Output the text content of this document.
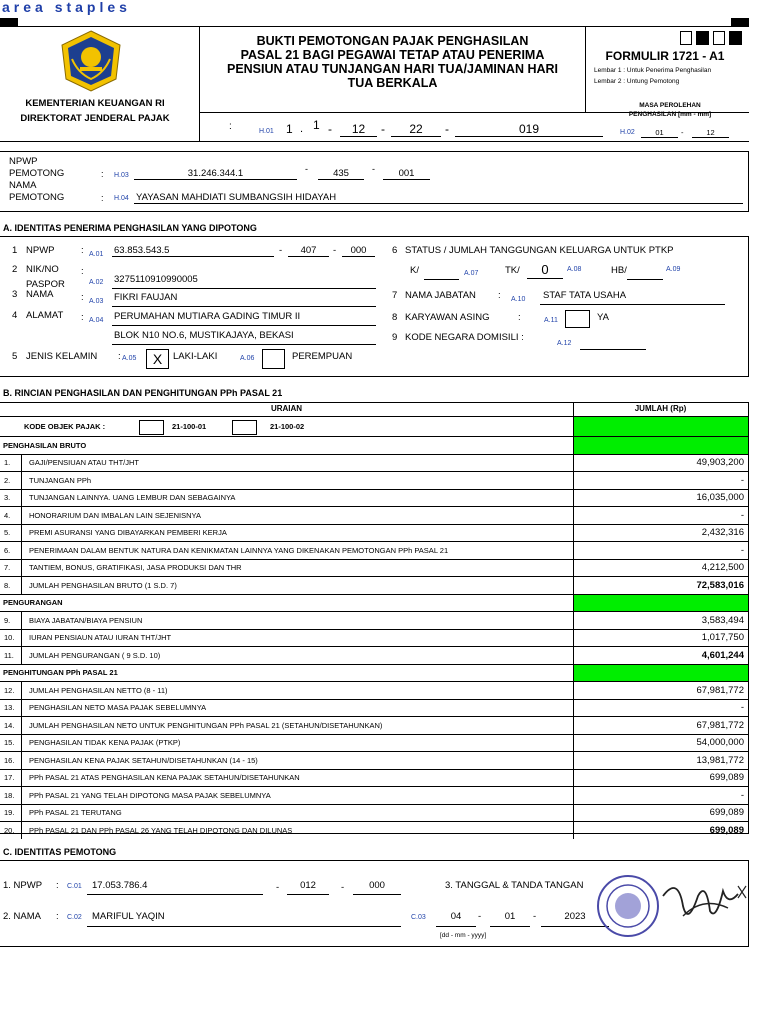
area staples
KEMENTERIAN KEUANGAN RI
DIREKTORAT JENDERAL PAJAK
BUKTI PEMOTONGAN PAJAK PENGHASILAN
PASAL 21 BAGI PEGAWAI TETAP ATAU PENERIMA
PENSIUN ATAU TUNJANGAN HARI TUA/JAMINAN HARI
TUA BERKALA
FORMULIR 1721 - A1
Lembar 1 : Untuk Penerima Penghasilan
Lembar 2 : Untung Pemotong
MASA PEROLEHAN
PENGHASILAN [mm - mm]
:	H.01 1 . 1 -	12	-	22	-	019	H.02	01	-	12
NPWP
PEMOTONG
NAMA
PEMOTONG
: H.03	31.246.344.1	-	435	-	001
: H.04 YAYASAN MAHDIATI SUMBANGSIH HIDAYAH
A. IDENTITAS PENERIMA PENGHASILAN YANG DIPOTONG
1 NPWP	: A.01 63.853.543.5	-	407	-	000
2 NIK/NO
PASPOR
:
A.02 3275110910990005
3 NAMA	: A.03 FIKRI FAUJAN
4 ALAMAT : A.04 PERUMAHAN MUTIARA GADING TIMUR II
BLOK N10 NO.6, MUSTIKAJAYA, BEKASI
5 JENIS KELAMIN : A.05	X	LAKI-LAKI	A.06	PEREMPUAN
6 STATUS / JUMLAH TANGGUNGAN KELUARGA UNTUK PTKP
K/	A.07	TK/	0	A.08	HB/	A.09
7 NAMA JABATAN : A.10	STAF TATA USAHA
8 KARYAWAN ASING	:	A.11	YA
9 KODE NEGARA DOMISILI :
A.12
B. RINCIAN PENGHASILAN DAN PENGHITUNGAN PPh PASAL 21
URAIAN	JUMLAH (Rp)
KODE OBJEK PAJAK :	21-100-01	21-100-02
PENGHASILAN BRUTO
1.	GAJI/PENSIUAN ATAU THT/JHT	49,903,200
2.	TUNJANGAN PPh	-
3.	TUNJANGAN LAINNYA. UANG LEMBUR DAN SEBAGAINYA	16,035,000
4.	HONORARIUM DAN IMBALAN LAIN SEJENISNYA	-
5.	PREMI ASURANSI YANG DIBAYARKAN PEMBERI KERJA	2,432,316
6.	PENERIMAAN DALAM BENTUK NATURA DAN KENIKMATAN LAINNYA YANG DIKENAKAN PEMOTONGAN PPh PASAL 21	-
7.	TANTIEM, BONUS, GRATIFIKASI, JASA PRODUKSI DAN THR	4,212,500
8.	JUMLAH PENGHASILAN BRUTO (1 S.D. 7)	72,583,016
PENGURANGAN
9.	BIAYA JABATAN/BIAYA PENSIUN	3,583,494
10.	IURAN PENSIAUN ATAU IURAN THT/JHT	1,017,750
11.	JUMLAH PENGURANGAN ( 9 S.D. 10)	4,601,244
PENGHITUNGAN PPh PASAL 21
12.	JUMLAH PENGHASILAN NETTO (8 - 11)	67,981,772
13.	PENGHASILAN NETO MASA PAJAK SEBELUMNYA	-
14.	JUMLAH PENGHASILAN NETO UNTUK PENGHITUNGAN PPh PASAL 21 (SETAHUN/DISETAHUNKAN)	67,981,772
15.	PENGHASILAN TIDAK KENA PAJAK (PTKP)	54,000,000
16.	PENGHASILAN KENA PAJAK SETAHUN/DISETAHUNKAN (14 - 15)	13,981,772
17.	PPh PASAL 21 ATAS PENGHASILAN KENA PAJAK SETAHUN/DISETAHUNKAN	699,089
18.	PPh PASAL 21 YANG TELAH DIPOTONG MASA PAJAK SEBELUMNYA	-
19.	PPh PASAL 21 TERUTANG	699,089
20.	PPh PASAL 21 DAN PPh PASAL 26 YANG TELAH DIPOTONG DAN DILUNAS	699,089
C. IDENTITAS PEMOTONG
1. NPWP : C.01	17.053.786.4	-	012	-	000	3. TANGGAL & TANDA TANGAN
2. NAMA : C.02	MARIFUL YAQIN	C.03	04	-	01	-	2023
[dd - mm - yyyy]
